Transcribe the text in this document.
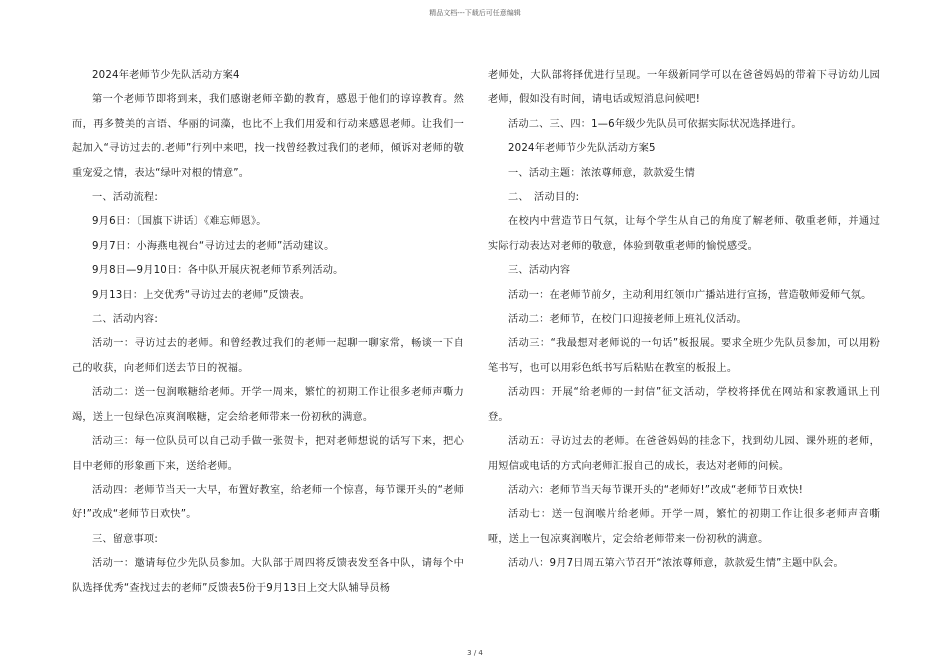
精品文档---下载后可任意编辑

2024年老师节少先队活动方案4

第一个老师节即将到来，我们感谢老师辛勤的教育，感恩于他们的谆谆教育。然而，再多赞美的言语、华丽的词藻，也比不上我们用爱和行动来感恩老师。让我们一起加入“寻访过去的.老师”行列中来吧，找一找曾经教过我们的老师，倾诉对老师的敬重宠爱之情，表达“绿叶对根的情意”。

一、活动流程:

9月6日：〔国旗下讲话〕《难忘师恩》。

9月7日：小海燕电视台“寻访过去的老师”活动建议。

9月8日—9月10日：各中队开展庆祝老师节系列活动。

9月13日：上交优秀“寻访过去的老师”反馈表。

二、活动内容:

活动一：寻访过去的老师。和曾经教过我们的老师一起聊一聊家常，畅谈一下自己的收获，向老师们送去节日的祝福。

活动二：送一包润喉糖给老师。开学一周来，繁忙的初期工作让很多老师声嘶力竭，送上一包绿色凉爽润喉糖，定会给老师带来一份初秋的满意。

活动三：每一位队员可以自己动手做一张贺卡，把对老师想说的话写下来，把心目中老师的形象画下来，送给老师。

活动四：老师节当天一大早，布置好教室，给老师一个惊喜，每节课开头的“老师好!”改成“老师节日欢快”。

三、留意事项:

活动一：邀请每位少先队员参加。大队部于周四将反馈表发至各中队，请每个中队选择优秀“查找过去的老师”反馈表5份于9月13日上交大队辅导员杨

老师处，大队部将择优进行呈现。一年级新同学可以在爸爸妈妈的带着下寻访幼儿园老师，假如没有时间，请电话或短消息问候吧!

活动二、三、四：1—6年级少先队员可依据实际状况选择进行。

2024年老师节少先队活动方案5

一、活动主题：浓浓尊师意，款款爱生情

二、　活动目的:

在校内中营造节日气氛，让每个学生从自己的角度了解老师、敬重老师，并通过实际行动表达对老师的敬意，体验到敬重老师的愉悦感受。

三、活动内容

活动一：在老师节前夕，主动利用红领巾广播站进行宣扬，营造敬师爱师气氛。

活动二：老师节，在校门口迎接老师上班礼仪活动。

活动三：“我最想对老师说的一句话”板报展。要求全班少先队员参加，可以用粉笔书写，也可以用彩色纸书写后粘贴在教室的板报上。

活动四：开展“给老师的一封信”征文活动，学校将择优在网站和家教通讯上刊登。

活动五：寻访过去的老师。在爸爸妈妈的挂念下，找到幼儿园、课外班的老师，用短信或电话的方式向老师汇报自己的成长，表达对老师的问候。

活动六：老师节当天每节课开头的“老师好!”改成“老师节日欢快!

活动七：送一包润喉片给老师。开学一周，繁忙的初期工作让很多老师声音嘶哑，送上一包凉爽润喉片，定会给老师带来一份初秋的满意。

活动八：9月7日周五第六节召开“浓浓尊师意，款款爱生情”主题中队会。

3 / 4
